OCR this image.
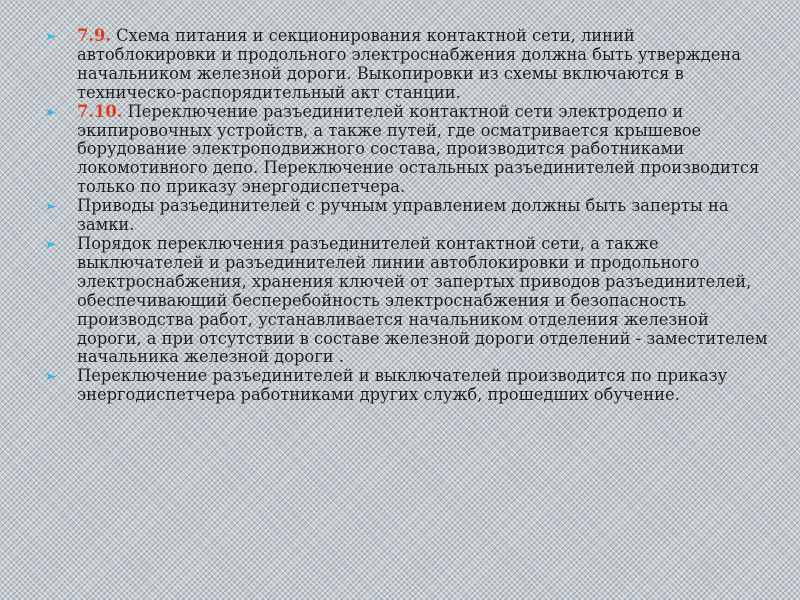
7.9. Схема питания и секционирования контактной сети, линий автоблокировки и продольного электроснабжения должна быть утверждена начальником железной дороги. Выкопировки из схемы включаются в техническо-распорядительный акт станции.
7.10. Переключение разъединителей контактной сети электродепо и экипировочных устройств, а также путей, где осматривается крышевое борудование электроподвижного состава, производится работниками локомотивного депо. Переключение остальных разъединителей производится только по приказу энергодиспетчера.
Приводы разъединителей с ручным управлением должны быть заперты на замки.
Порядок переключения разъединителей контактной сети, а также выключателей и разъединителей линии автоблокировки и продольного электроснабжения, хранения ключей от запертых приводов разъединителей, обеспечивающий бесперебойность электроснабжения и безопасность производства работ, устанавливается начальником отделения железной дороги, а при отсутствии в составе железной дороги отделений - заместителем начальника железной дороги .
Переключение разъединителей и выключателей производится по приказу энергодиспетчера работниками других служб, прошедших обучение.
